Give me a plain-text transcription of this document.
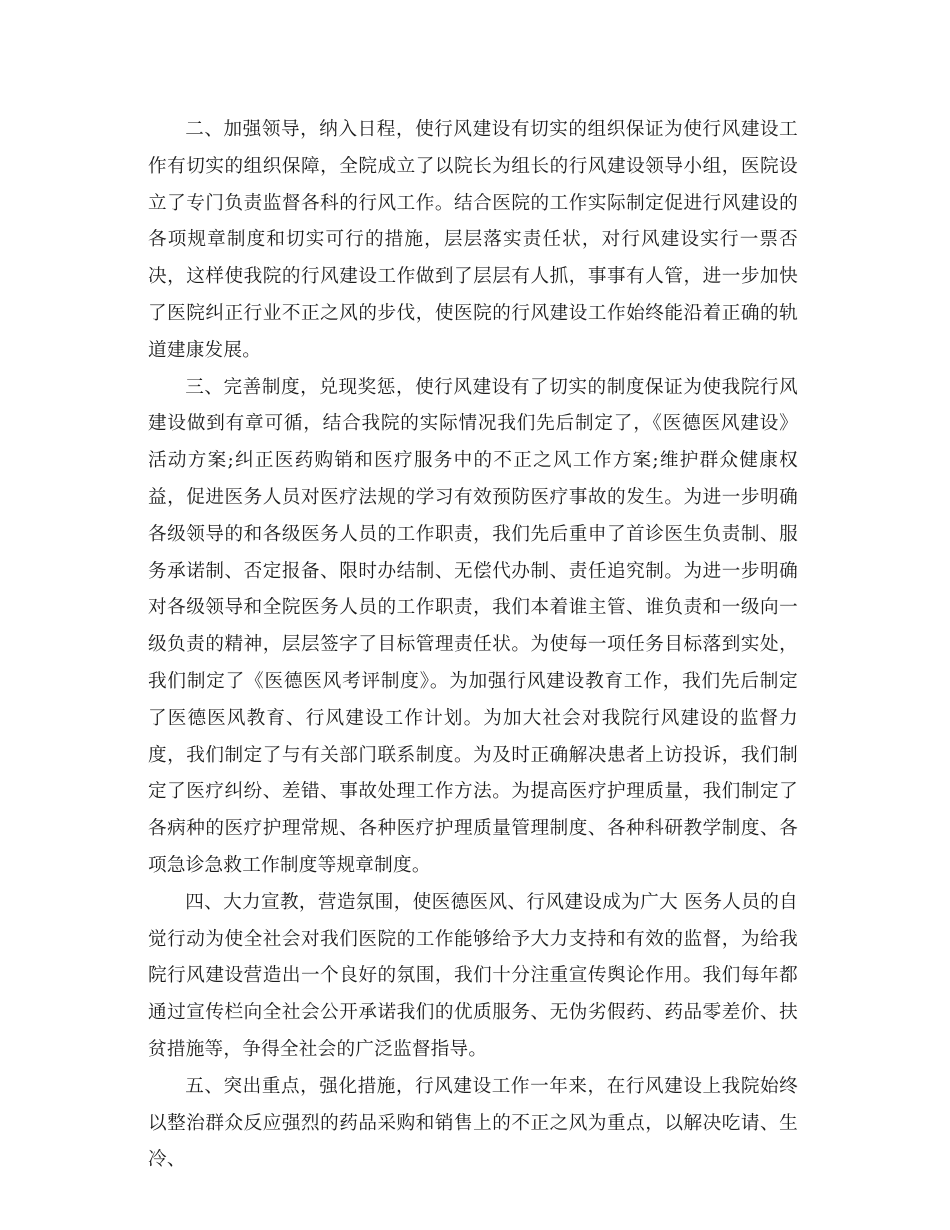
二、加强领导，纳入日程，使行风建设有切实的组织保证为使行风建设工作有切实的组织保障，全院成立了以院长为组长的行风建设领导小组，医院设立了专门负责监督各科的行风工作。结合医院的工作实际制定促进行风建设的各项规章制度和切实可行的措施，层层落实责任状，对行风建设实行一票否决，这样使我院的行风建设工作做到了层层有人抓，事事有人管，进一步加快了医院纠正行业不正之风的步伐，使医院的行风建设工作始终能沿着正确的轨道建康发展。

三、完善制度，兑现奖惩，使行风建设有了切实的制度保证为使我院行风建设做到有章可循，结合我院的实际情况我们先后制定了，《医德医风建设》活动方案;纠正医药购销和医疗服务中的不正之风工作方案;维护群众健康权益，促进医务人员对医疗法规的学习有效预防医疗事故的发生。为进一步明确各级领导的和各级医务人员的工作职责，我们先后重申了首诊医生负责制、服务承诺制、否定报备、限时办结制、无偿代办制、责任追究制。为进一步明确对各级领导和全院医务人员的工作职责，我们本着谁主管、谁负责和一级向一级负责的精神，层层签字了目标管理责任状。为使每一项任务目标落到实处，我们制定了《医德医风考评制度》。为加强行风建设教育工作，我们先后制定了医德医风教育、行风建设工作计划。为加大社会对我院行风建设的监督力度，我们制定了与有关部门联系制度。为及时正确解决患者上访投诉，我们制定了医疗纠纷、差错、事故处理工作方法。为提高医疗护理质量，我们制定了各病种的医疗护理常规、各种医疗护理质量管理制度、各种科研教学制度、各项急诊急救工作制度等规章制度。

四、大力宣教，营造氛围，使医德医风、行风建设成为广大 医务人员的自觉行动为使全社会对我们医院的工作能够给予大力支持和有效的监督，为给我院行风建设营造出一个良好的氛围，我们十分注重宣传舆论作用。我们每年都通过宣传栏向全社会公开承诺我们的优质服务、无伪劣假药、药品零差价、扶贫措施等，争得全社会的广泛监督指导。

五、突出重点，强化措施，行风建设工作一年来，在行风建设上我院始终以整治群众反应强烈的药品采购和销售上的不正之风为重点，以解决吃请、生冷、
